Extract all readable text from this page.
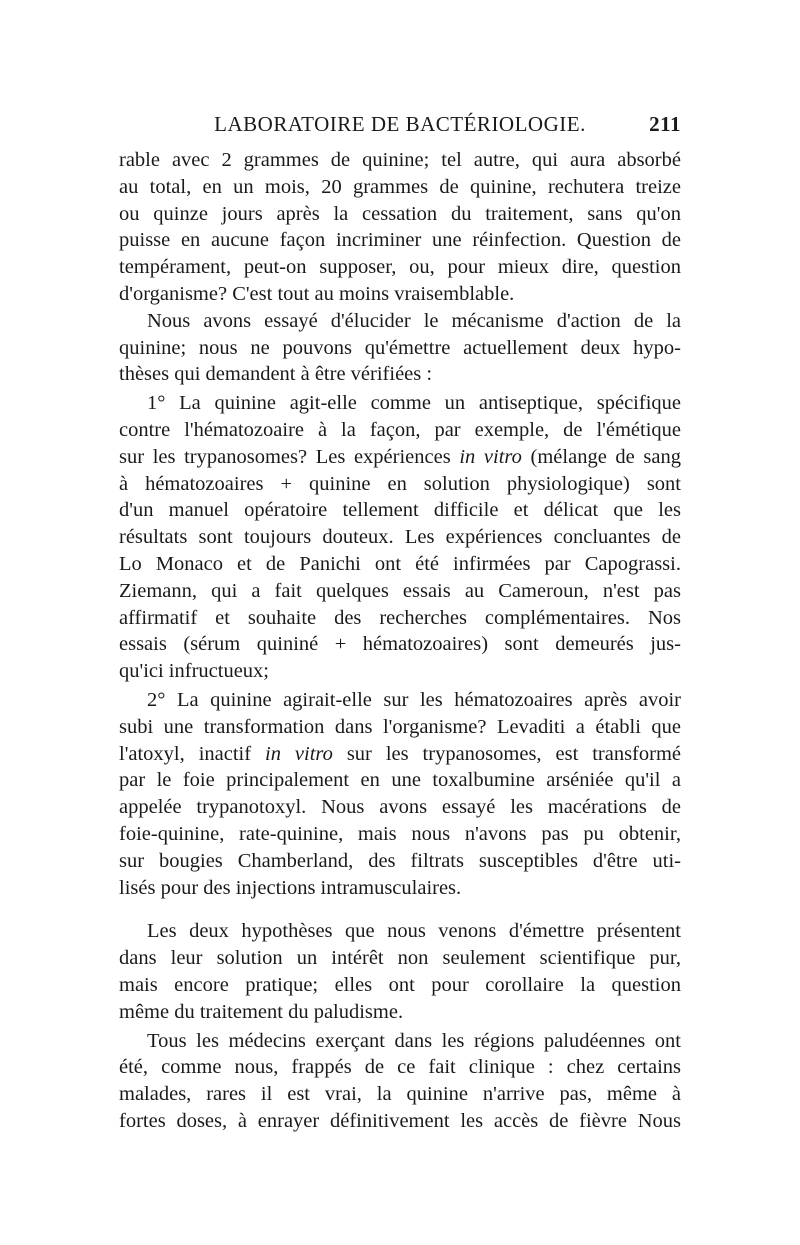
LABORATOIRE DE BACTÉRIOLOGIE.	211
rable avec 2 grammes de quinine; tel autre, qui aura absorbé
au total, en un mois, 20 grammes de quinine, rechutera treize
ou quinze jours après la cessation du traitement, sans qu'on
puisse en aucune façon incriminer une réinfection. Question de
tempérament, peut-on supposer, ou, pour mieux dire, question
d'organisme? C'est tout au moins vraisemblable.
Nous avons essayé d'élucider le mécanisme d'action de la
quinine; nous ne pouvons qu'émettre actuellement deux hypo-
thèses qui demandent à être vérifiées :
1° La quinine agit-elle comme un antiseptique, spécifique
contre l'hématozoaire à la façon, par exemple, de l'émétique
sur les trypanosomes? Les expériences in vitro (mélange de sang
à hématozoaires + quinine en solution physiologique) sont
d'un manuel opératoire tellement difficile et délicat que les
résultats sont toujours douteux. Les expériences concluantes de
Lo Monaco et de Panichi ont été infirmées par Capograssi.
Ziemann, qui a fait quelques essais au Cameroun, n'est pas
affirmatif et souhaite des recherches complémentaires. Nos
essais (sérum quininé + hématozoaires) sont demeurés jus-
qu'ici infructueux;
2° La quinine agirait-elle sur les hématozoaires après avoir
subi une transformation dans l'organisme? Levaditi a établi que
l'atoxyl, inactif in vitro sur les trypanosomes, est transformé
par le foie principalement en une toxalbumine arséniée qu'il a
appelée trypanotoxyl. Nous avons essayé les macérations de
foie-quinine, rate-quinine, mais nous n'avons pas pu obtenir,
sur bougies Chamberland, des filtrats susceptibles d'être uti-
lisés pour des injections intramusculaires.
Les deux hypothèses que nous venons d'émettre présentent
dans leur solution un intérêt non seulement scientifique pur,
mais encore pratique; elles ont pour corollaire la question
même du traitement du paludisme.
Tous les médecins exerçant dans les régions paludéennes ont
été, comme nous, frappés de ce fait clinique : chez certains
malades, rares il est vrai, la quinine n'arrive pas, même à
fortes doses, à enrayer définitivement les accès de fièvre Nous
